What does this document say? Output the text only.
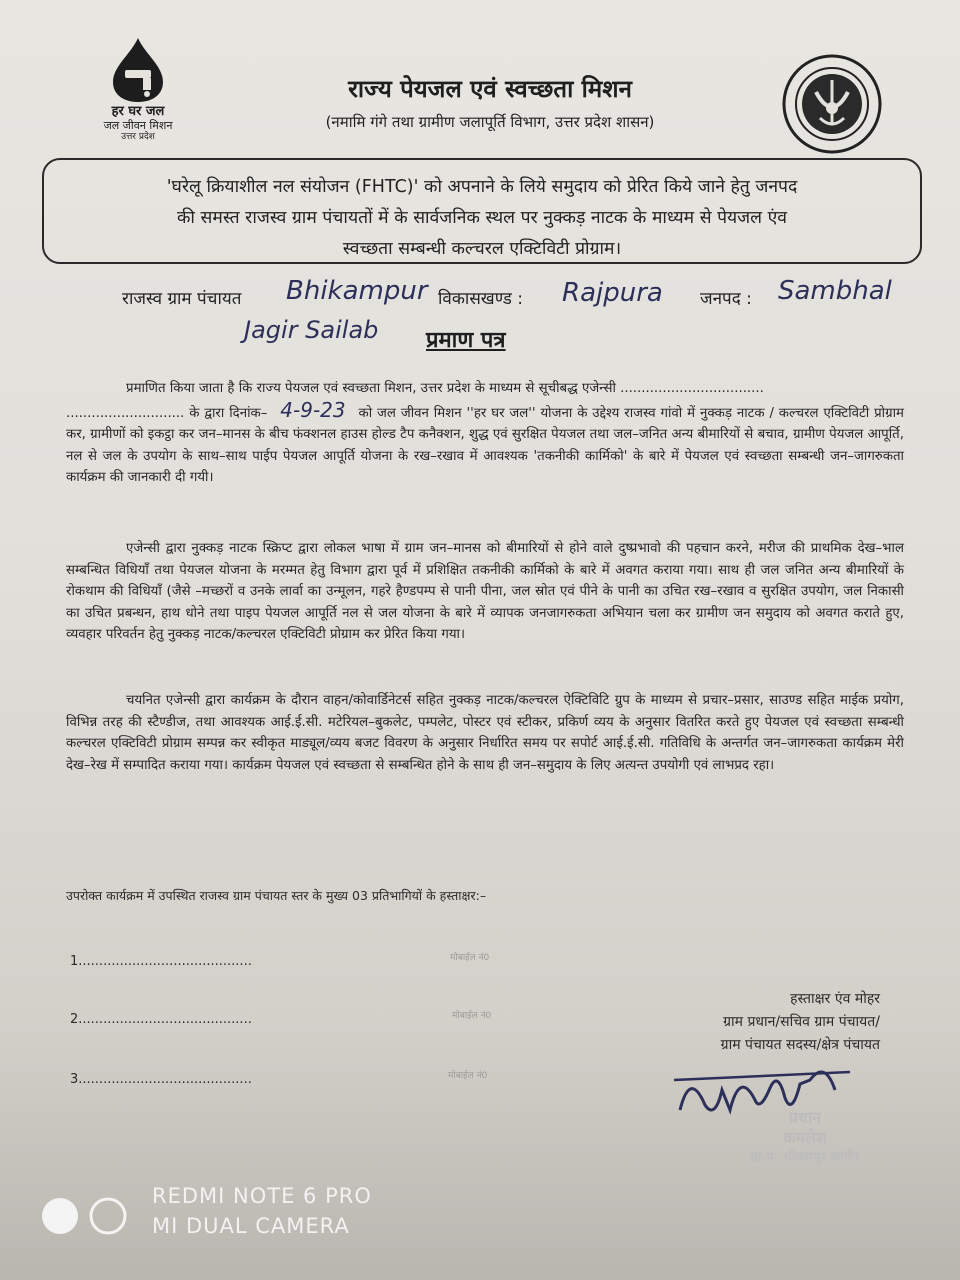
हर घर जल
जल जीवन मिशन
उत्तर प्रदेश
राज्य पेयजल एवं स्वच्छता मिशन
(नमामि गंगे तथा ग्रामीण जलापूर्ति विभाग, उत्तर प्रदेश शासन)
'घरेलू क्रियाशील नल संयोजन (FHTC)' को अपनाने के लिये समुदाय को प्रेरित किये जाने हेतु जनपद
की समस्त राजस्व ग्राम पंचायतों में के सार्वजनिक स्थल पर नुक्कड़ नाटक के माध्यम से पेयजल एंव
स्वच्छता सम्बन्धी कल्चरल एक्टिविटी प्रोग्राम।
राजस्व ग्राम पंचायत Bhikampur विकासखण्ड : Rajpura जनपद : Sambhal
Jagir Sailab प्रमाण पत्र
प्रमाणित किया जाता है कि राज्य पेयजल एवं स्वच्छता मिशन, उत्तर प्रदेश के माध्यम से सूचीबद्ध एजेन्सी ..................................
............................ के द्वारा दिनांक– 4-9-23 को जल जीवन मिशन ''हर घर जल'' योजना के उद्देश्य राजस्व गांवो में नुक्कड़ नाटक / कल्चरल एक्टिविटी प्रोग्राम कर, ग्रामीणों को इकट्ठा कर जन–मानस के बीच फंक्शनल हाउस होल्ड टैप कनैक्शन, शुद्ध एवं सुरक्षित पेयजल तथा जल–जनित अन्य बीमारियों से बचाव, ग्रामीण पेयजल आपूर्ति, नल से जल के उपयोग के साथ–साथ पाईप पेयजल आपूर्ति योजना के रख–रखाव में आवश्यक 'तकनीकी कार्मिको' के बारे में पेयजल एवं स्वच्छता सम्बन्धी जन–जागरुकता कार्यक्रम की जानकारी दी गयी।
एजेन्सी द्वारा नुक्कड़ नाटक स्क्रिप्ट द्वारा लोकल भाषा में ग्राम जन–मानस को बीमारियों से होने वाले दुष्प्रभावो की पहचान करने, मरीज की प्राथमिक देख–भाल सम्बन्धित विधियॉं तथा पेयजल योजना के मरम्मत हेतु विभाग द्वारा पूर्व में प्रशिक्षित तकनीकी कार्मिको के बारे में अवगत कराया गया। साथ ही जल जनित अन्य बीमारियों के रोकथाम की विधियॉं (जैसे –मच्छरों व उनके लार्वा का उन्मूलन, गहरे हैण्डपम्प से पानी पीना, जल स्रोत एवं पीने के पानी का उचित रख–रखाव व सुरक्षित उपयोग, जल निकासी का उचित प्रबन्धन, हाथ धोने तथा पाइप पेयजल आपूर्ति नल से जल योजना के बारे में व्यापक जनजागरुकता अभियान चला कर ग्रामीण जन समुदाय को अवगत कराते हुए, व्यवहार परिवर्तन हेतु नुक्कड़ नाटक/कल्चरल एक्टिविटी प्रोग्राम कर प्रेरित किया गया।
चयनित एजेन्सी द्वारा कार्यक्रम के दौरान वाहन/कोवार्डिनेटर्स सहित नुक्कड़ नाटक/कल्चरल ऐक्टिविटि ग्रुप के माध्यम से प्रचार–प्रसार, साउण्ड सहित माईक प्रयोग, विभिन्न तरह की स्टैण्डीज, तथा आवश्यक आई.ई.सी. मटेरियल–बुकलेट, पम्पलेट, पोस्टर एवं स्टीकर, प्रकिर्ण व्यय के अनुसार वितरित करते हुए पेयजल एवं स्वच्छता सम्बन्धी कल्चरल एक्टिविटी प्रोग्राम सम्पन्न कर स्वीकृत माड्यूल/व्यय बजट विवरण के अनुसार निर्धारित समय पर सपोर्ट आई.ई.सी. गतिविधि के अन्तर्गत जन–जागरुकता कार्यक्रम मेरी देख–रेख में सम्पादित कराया गया। कार्यक्रम पेयजल एवं स्वच्छता से सम्बन्धित होने के साथ ही जन–समुदाय के लिए अत्यन्त उपयोगी एवं लाभप्रद रहा।
उपरोक्त कार्यक्रम में उपस्थित राजस्व ग्राम पंचायत स्तर के मुख्य 03 प्रतिभागियों के हस्ताक्षर:–
1..........................................	मोबाईल नं0
2..........................................	मोबाईल नं0
3..........................................	मोबाईल नं0
हस्ताक्षर एंव मोहर
ग्राम प्रधान/सचिव ग्राम पंचायत/
ग्राम पंचायत सदस्य/क्षेत्र पंचायत
प्रधान
कमलेश
ग्रा.प. भीकमपुर जागीर
REDMI NOTE 6 PRO
MI DUAL CAMERA
